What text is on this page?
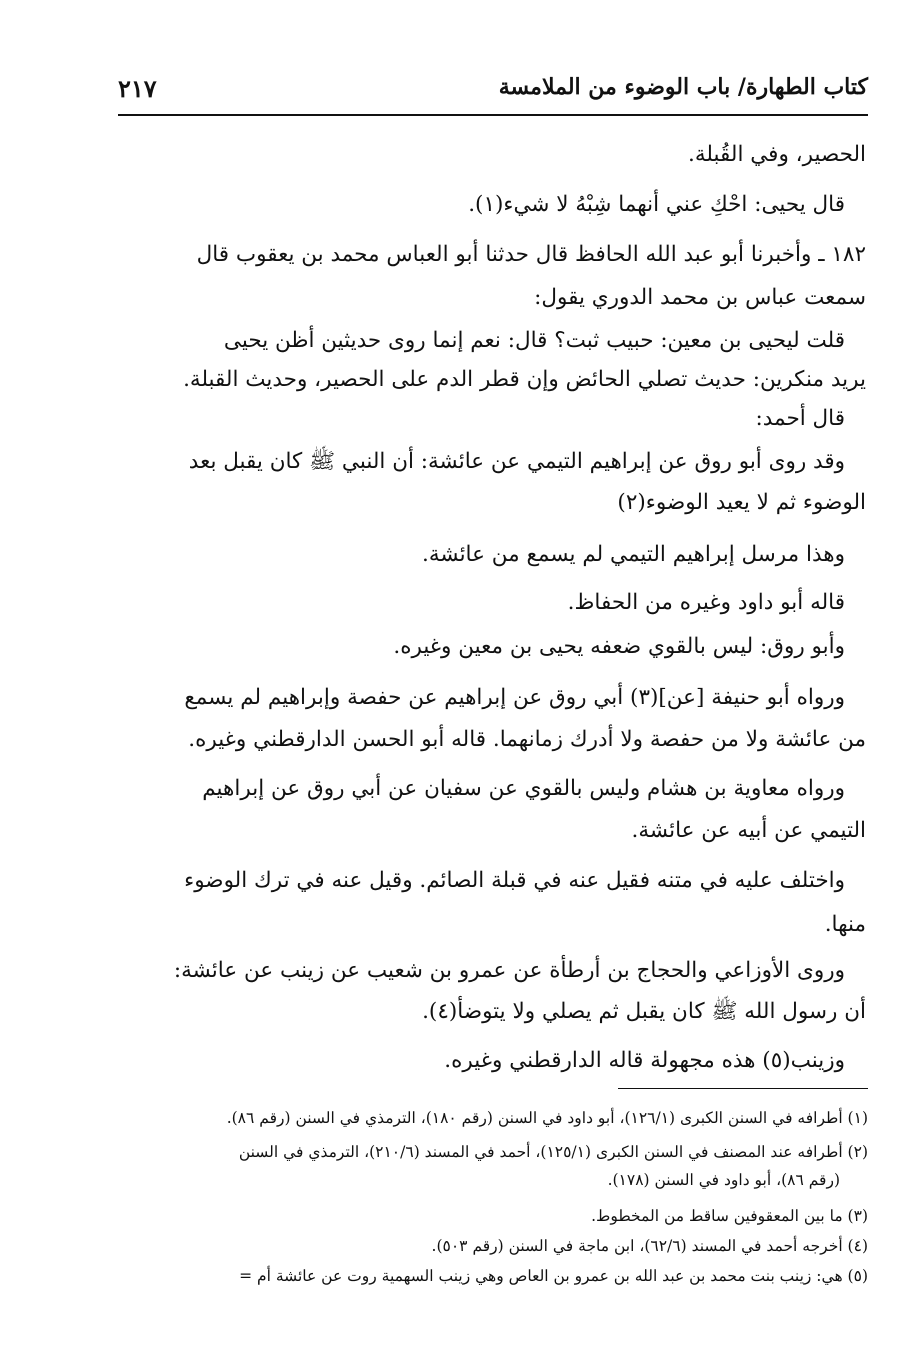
كتاب الطهارة/ باب الوضوء من الملامسة
٢١٧
الحصير، وفي القُبلة.
قال يحيى: احْكِ عني أنهما شِبْهُ لا شيء(١).
١٨٢ ـ وأخبرنا أبو عبد الله الحافظ قال حدثنا أبو العباس محمد بن يعقوب قال
سمعت عباس بن محمد الدوري يقول:
قلت ليحيى بن معين: حبيب ثبت؟ قال: نعم إنما روى حديثين أظن يحيى
يريد منكرين: حديث تصلي الحائض وإن قطر الدم على الحصير، وحديث القبلة.
قال أحمد:
وقد روى أبو روق عن إبراهيم التيمي عن عائشة: أن النبي ﷺ كان يقبل بعد
الوضوء ثم لا يعيد الوضوء(٢)
وهذا مرسل إبراهيم التيمي لم يسمع من عائشة.
قاله أبو داود وغيره من الحفاظ.
وأبو روق: ليس بالقوي ضعفه يحيى بن معين وغيره.
ورواه أبو حنيفة [عن](٣) أبي روق عن إبراهيم عن حفصة وإبراهيم لم يسمع
من عائشة ولا من حفصة ولا أدرك زمانهما. قاله أبو الحسن الدارقطني وغيره.
ورواه معاوية بن هشام وليس بالقوي عن سفيان عن أبي روق عن إبراهيم
التيمي عن أبيه عن عائشة.
واختلف عليه في متنه فقيل عنه في قبلة الصائم. وقيل عنه في ترك الوضوء
منها.
وروى الأوزاعي والحجاج بن أرطأة عن عمرو بن شعيب عن زينب عن عائشة:
أن رسول الله ﷺ كان يقبل ثم يصلي ولا يتوضأ(٤).
وزينب(٥) هذه مجهولة قاله الدارقطني وغيره.
(١) أطرافه في السنن الكبرى (١٢٦/١)، أبو داود في السنن (رقم ١٨٠)، الترمذي في السنن (رقم ٨٦).
(٢) أطرافه عند المصنف في السنن الكبرى (١٢٥/١)، أحمد في المسند (٢١٠/٦)، الترمذي في السنن
(رقم ٨٦)، أبو داود في السنن (١٧٨).
(٣) ما بين المعقوفين ساقط من المخطوط.
(٤) أخرجه أحمد في المسند (٦٢/٦)، ابن ماجة في السنن (رقم ٥٠٣).
(٥) هي: زينب بنت محمد بن عبد الله بن عمرو بن العاص وهي زينب السهمية روت عن عائشة أم =
